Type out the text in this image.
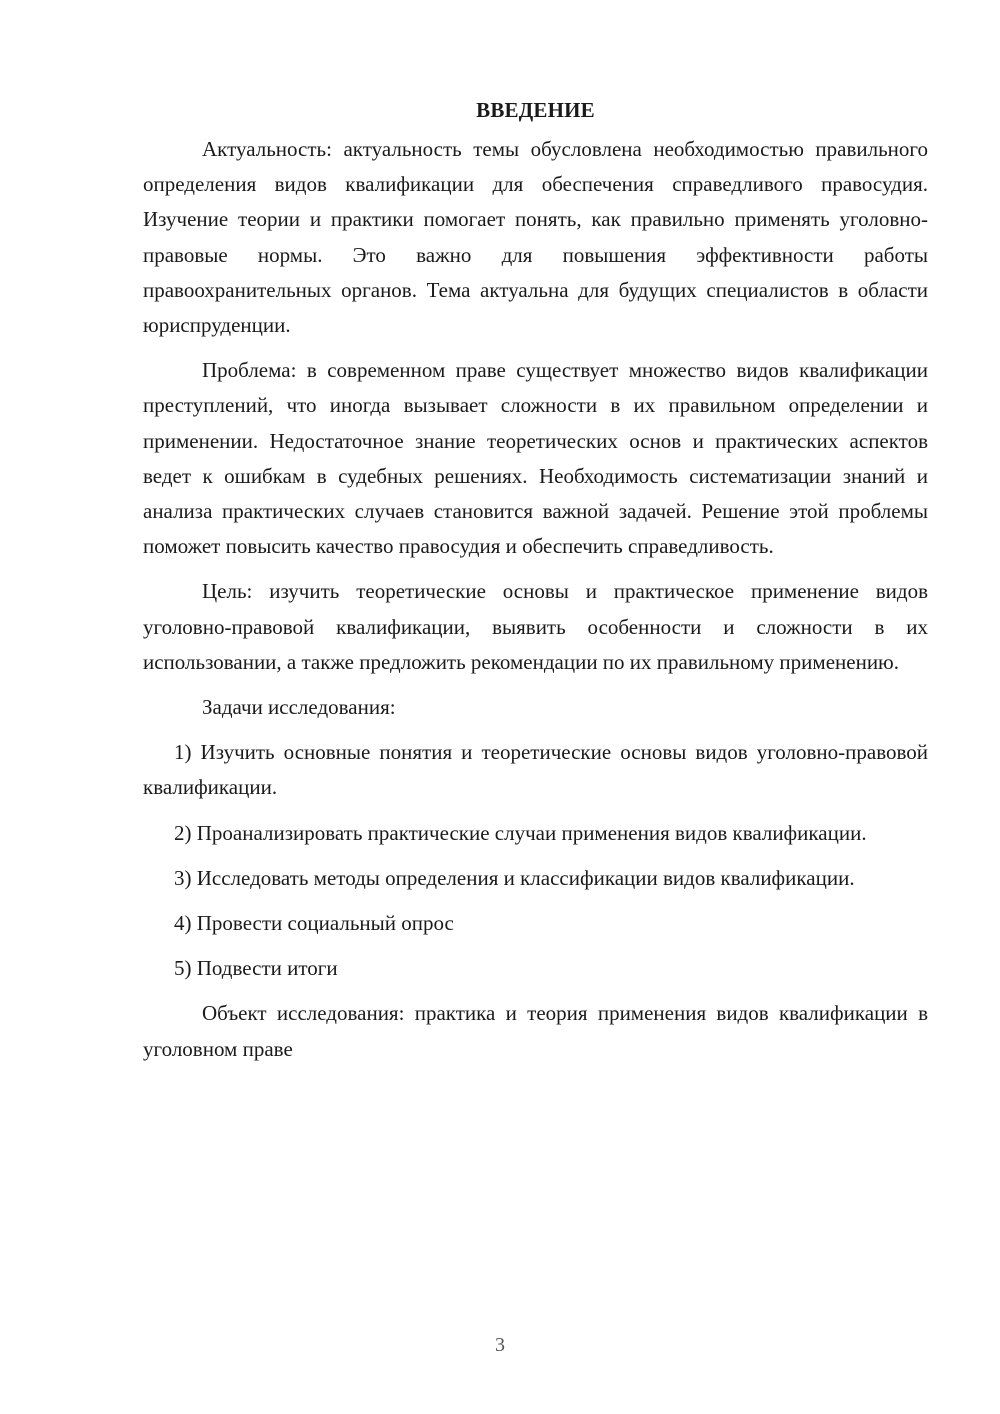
ВВЕДЕНИЕ

Актуальность: актуальность темы обусловлена необходимостью правильного определения видов квалификации для обеспечения справедливого правосудия. Изучение теории и практики помогает понять, как правильно применять уголовно-правовые нормы. Это важно для повышения эффективности работы правоохранительных органов. Тема актуальна для будущих специалистов в области юриспруденции.

Проблема: в современном праве существует множество видов квалификации преступлений, что иногда вызывает сложности в их правильном определении и применении. Недостаточное знание теоретических основ и практических аспектов ведет к ошибкам в судебных решениях. Необходимость систематизации знаний и анализа практических случаев становится важной задачей. Решение этой проблемы поможет повысить качество правосудия и обеспечить справедливость.

Цель: изучить теоретические основы и практическое применение видов уголовно-правовой квалификации, выявить особенности и сложности в их использовании, а также предложить рекомендации по их правильному применению.

Задачи исследования:

1) Изучить основные понятия и теоретические основы видов уголовно-правовой квалификации.

2) Проанализировать практические случаи применения видов квалификации.

3) Исследовать методы определения и классификации видов квалификации.

4) Провести социальный опрос

5) Подвести итоги

Объект исследования: практика и теория применения видов квалификации в уголовном праве

3
